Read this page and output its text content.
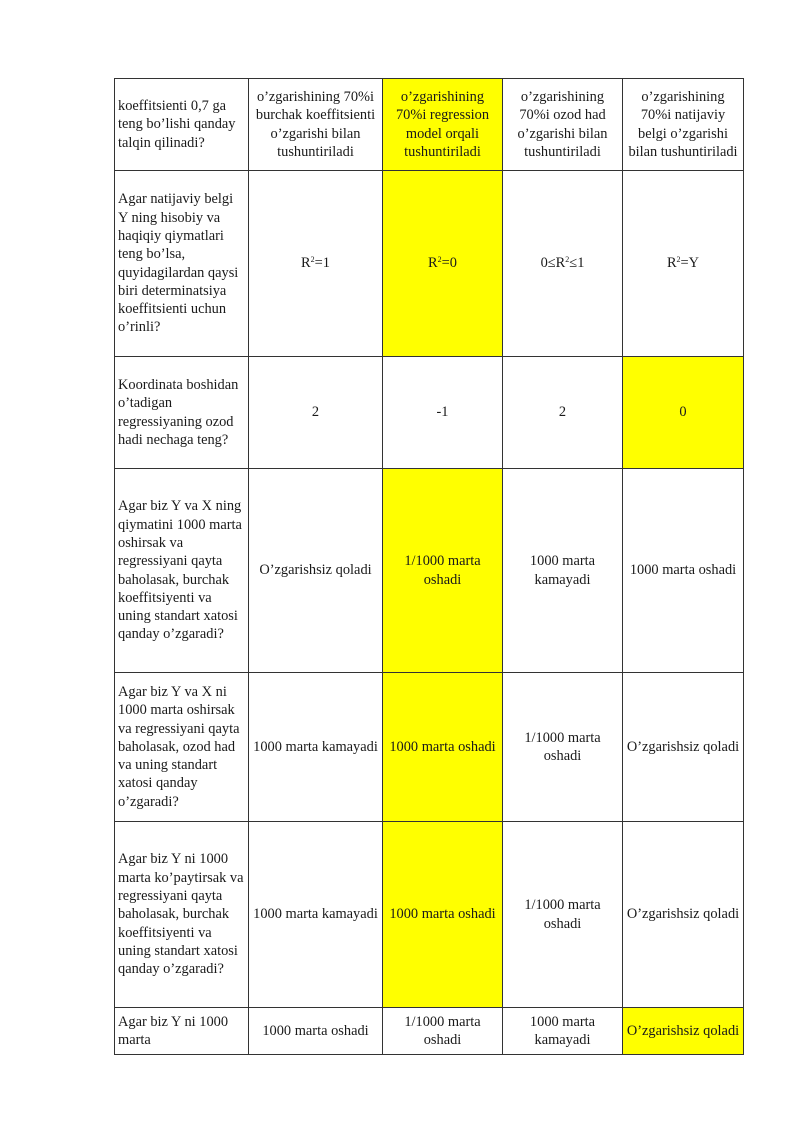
koeffitsienti 0,7 ga teng bo’lishi qanday talqin qilinadi?	o’zgarishining 70%i burchak koeffitsienti o’zgarishi bilan tushuntiriladi	o’zgarishining 70%i regression model orqali tushuntiriladi	o’zgarishining 70%i ozod had o’zgarishi bilan tushuntiriladi	o’zgarishining 70%i natijaviy belgi o’zgarishi bilan tushuntiriladi
Agar natijaviy belgi Y ning hisobiy va haqiqiy qiymatlari teng bo’lsa, quyidagilardan qaysi biri determinatsiya koeffitsienti uchun o’rinli?	$R^2=1$	$R^2=0$	$0\le R^2\le 1$	$R^2=Y$
Koordinata boshidan o’tadigan regressiyaning ozod hadi nechaga teng?	2	-1	2	0
Agar biz Y va X ning qiymatini 1000 marta oshirsak va regressiyani qayta baholasak, burchak koeffitsiyenti va uning standart xatosi qanday o’zgaradi?	O’zgarishsiz qoladi	1/1000 marta oshadi	1000 marta kamayadi	1000 marta oshadi
Agar biz Y va X ni 1000 marta oshirsak va regressiyani qayta baholasak, ozod had va uning standart xatosi qanday o’zgaradi?	1000 marta kamayadi	1000 marta oshadi	1/1000 marta oshadi	O’zgarishsiz qoladi
Agar biz Y ni 1000 marta ko’paytirsak va regressiyani qayta baholasak, burchak koeffitsiyenti va uning standart xatosi qanday o’zgaradi?	1000 marta kamayadi	1000 marta oshadi	1/1000 marta oshadi	O’zgarishsiz qoladi
Agar biz Y ni 1000 marta	1000 marta oshadi	1/1000 marta oshadi	1000 marta kamayadi	O’zgarishsiz qoladi
